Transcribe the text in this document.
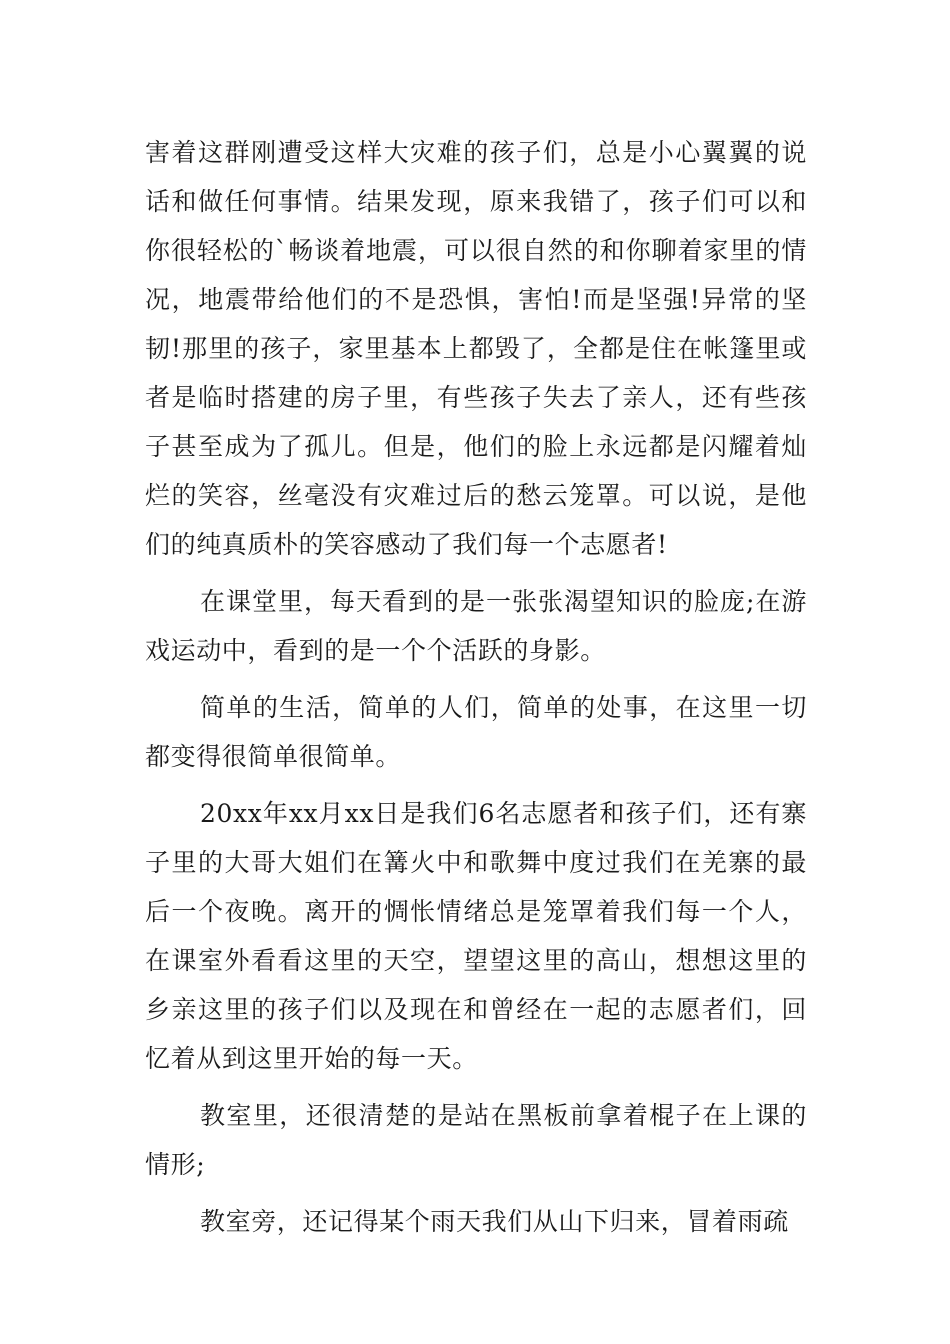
害着这群刚遭受这样大灾难的孩子们，总是小心翼翼的说话和做任何事情。结果发现，原来我错了，孩子们可以和你很轻松的`畅谈着地震，可以很自然的和你聊着家里的情况，地震带给他们的不是恐惧，害怕!而是坚强!异常的坚韧!那里的孩子，家里基本上都毁了，全都是住在帐篷里或者是临时搭建的房子里，有些孩子失去了亲人，还有些孩子甚至成为了孤儿。但是，他们的脸上永远都是闪耀着灿烂的笑容，丝毫没有灾难过后的愁云笼罩。可以说，是他们的纯真质朴的笑容感动了我们每一个志愿者!

在课堂里，每天看到的是一张张渴望知识的脸庞;在游戏运动中，看到的是一个个活跃的身影。

简单的生活，简单的人们，简单的处事，在这里一切都变得很简单很简单。

20xx年xx月xx日是我们6名志愿者和孩子们，还有寨子里的大哥大姐们在篝火中和歌舞中度过我们在羌寨的最后一个夜晚。离开的惆怅情绪总是笼罩着我们每一个人，在课室外看看这里的天空，望望这里的高山，想想这里的乡亲这里的孩子们以及现在和曾经在一起的志愿者们，回忆着从到这里开始的每一天。

教室里，还很清楚的是站在黑板前拿着棍子在上课的情形;

教室旁，还记得某个雨天我们从山下归来，冒着雨疏
